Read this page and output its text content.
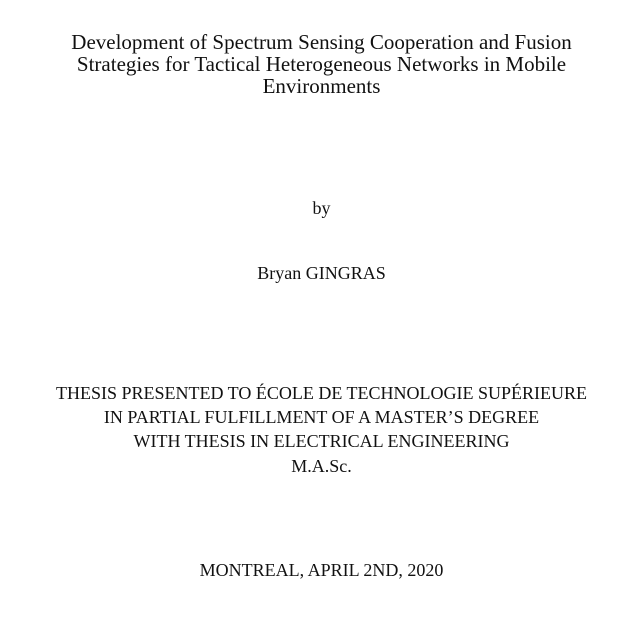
Development of Spectrum Sensing Cooperation and Fusion
Strategies for Tactical Heterogeneous Networks in Mobile
Environments
by
Bryan GINGRAS
THESIS PRESENTED TO ÉCOLE DE TECHNOLOGIE SUPÉRIEURE
IN PARTIAL FULFILLMENT OF A MASTER’S DEGREE
WITH THESIS IN ELECTRICAL ENGINEERING
M.A.Sc.
MONTREAL, APRIL 2ND, 2020
